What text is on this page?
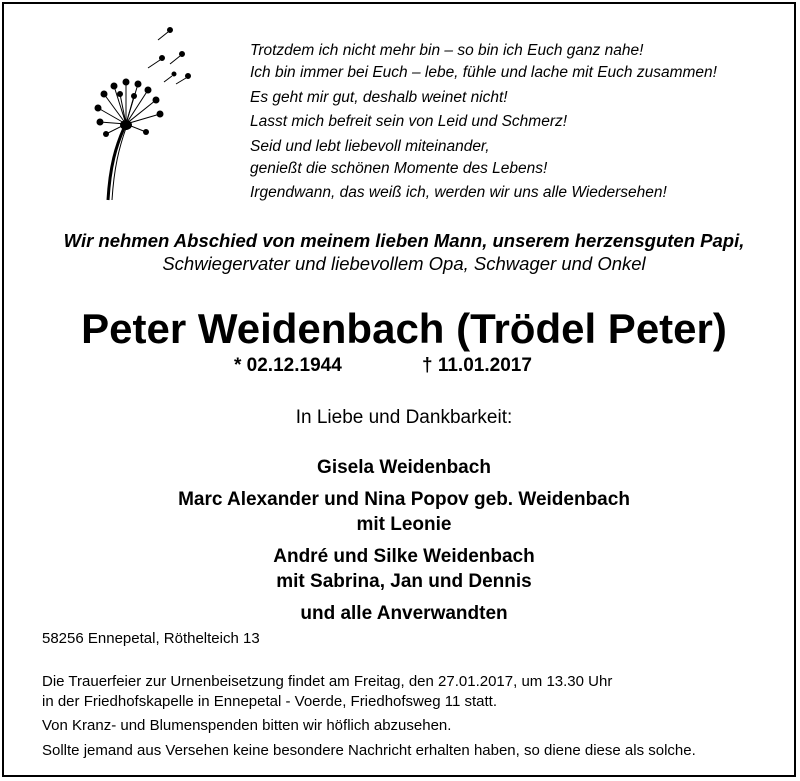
Trotzdem ich nicht mehr bin – so bin ich Euch ganz nahe!
Ich bin immer bei Euch – lebe, fühle und lache mit Euch zusammen!
Es geht mir gut, deshalb weinet nicht!
Lasst mich befreit sein von Leid und Schmerz!
Seid und lebt liebevoll miteinander,
genießt die schönen Momente des Lebens!
Irgendwann, das weiß ich, werden wir uns alle Wiedersehen!
Wir nehmen Abschied von meinem lieben Mann, unserem herzensguten Papi,
Schwiegervater und liebevollem Opa, Schwager und Onkel
Peter Weidenbach (Trödel Peter)
* 02.12.1944	† 11.01.2017
In Liebe und Dankbarkeit:
Gisela Weidenbach
Marc Alexander und Nina Popov geb. Weidenbach
mit Leonie
André und Silke Weidenbach
mit Sabrina, Jan und Dennis
und alle Anverwandten
58256 Ennepetal, Röthelteich 13
Die Trauerfeier zur Urnenbeisetzung findet am Freitag, den 27.01.2017, um 13.30 Uhr
in der Friedhofskapelle in Ennepetal - Voerde, Friedhofsweg 11 statt.
Von Kranz- und Blumenspenden bitten wir höflich abzusehen.
Sollte jemand aus Versehen keine besondere Nachricht erhalten haben, so diene diese als solche.
